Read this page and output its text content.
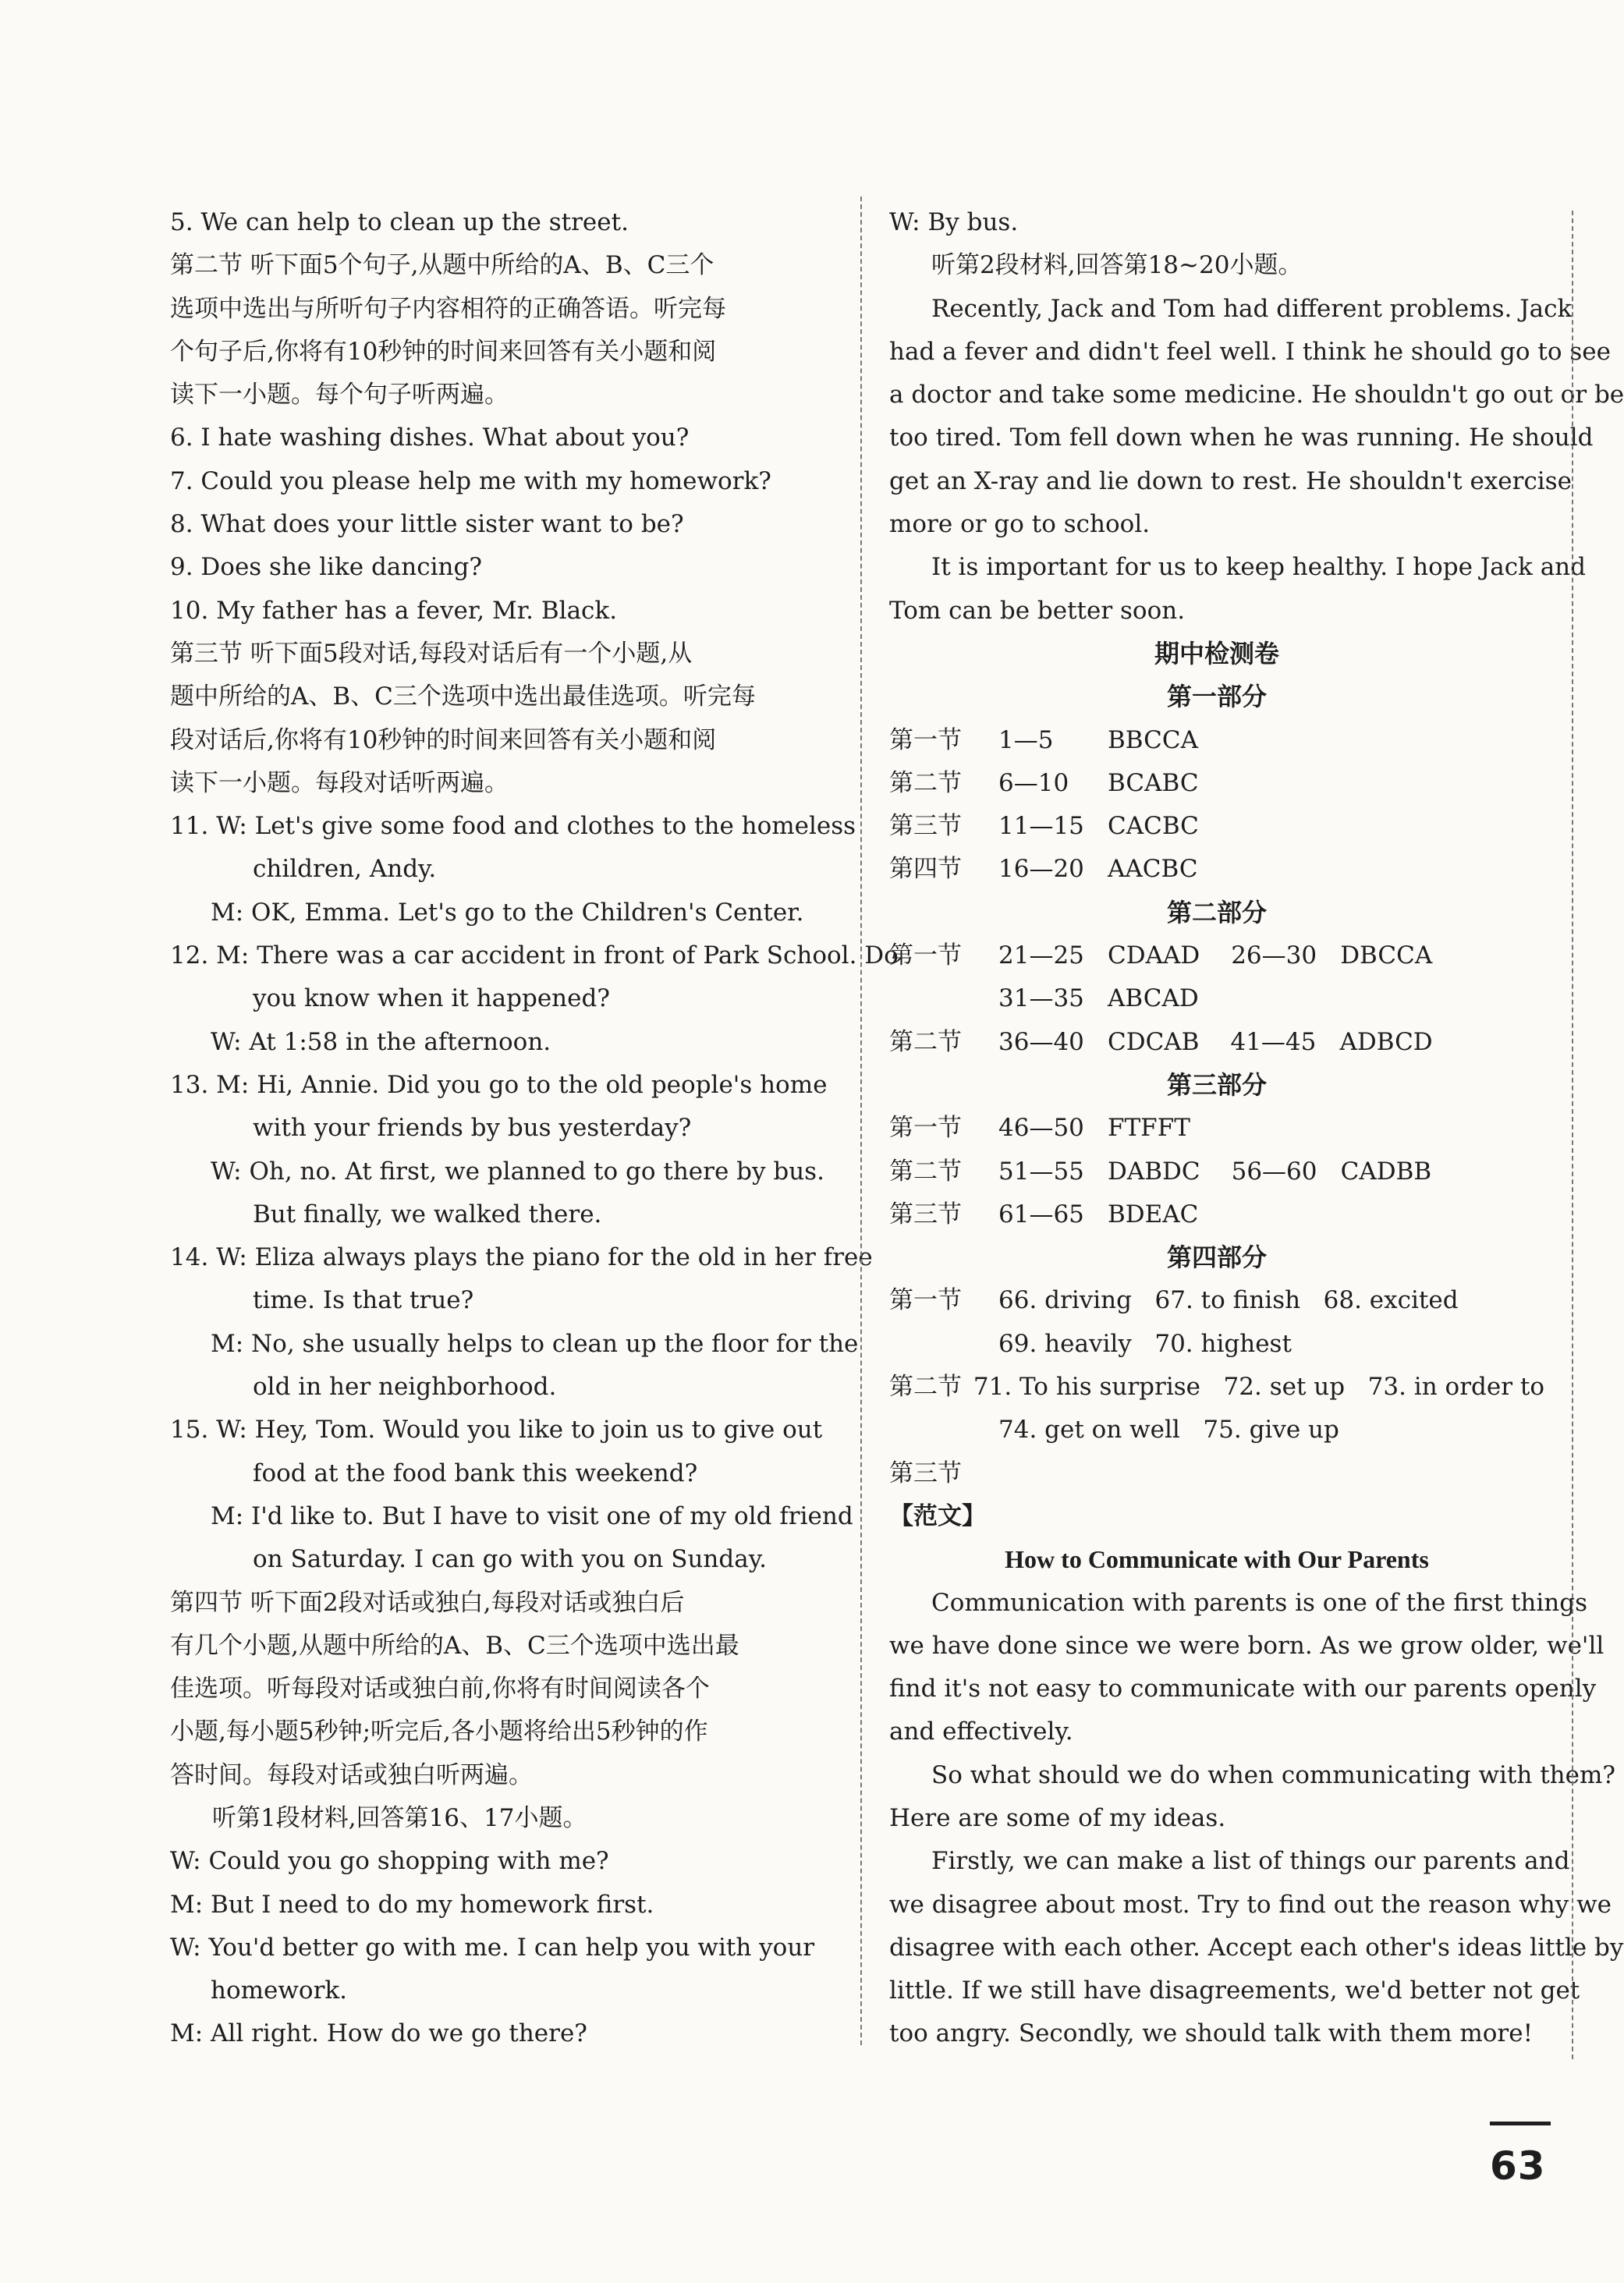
5. We can help to clean up the street.
第二节 听下面5个句子,从题中所给的A、B、C三个
选项中选出与所听句子内容相符的正确答语。听完每
个句子后,你将有10秒钟的时间来回答有关小题和阅
读下一小题。每个句子听两遍。
6. I hate washing dishes. What about you?
7. Could you please help me with my homework?
8. What does your little sister want to be?
9. Does she like dancing?
10. My father has a fever, Mr. Black.
第三节 听下面5段对话,每段对话后有一个小题,从
题中所给的A、B、C三个选项中选出最佳选项。听完每
段对话后,你将有10秒钟的时间来回答有关小题和阅
读下一小题。每段对话听两遍。
11. W: Let's give some food and clothes to the homeless
children, Andy.
M: OK, Emma. Let's go to the Children's Center.
12. M: There was a car accident in front of Park School. Do
you know when it happened?
W: At 1:58 in the afternoon.
13. M: Hi, Annie. Did you go to the old people's home
with your friends by bus yesterday?
W: Oh, no. At first, we planned to go there by bus.
But finally, we walked there.
14. W: Eliza always plays the piano for the old in her free
time. Is that true?
M: No, she usually helps to clean up the floor for the
old in her neighborhood.
15. W: Hey, Tom. Would you like to join us to give out
food at the food bank this weekend?
M: I'd like to. But I have to visit one of my old friend
on Saturday. I can go with you on Sunday.
第四节 听下面2段对话或独白,每段对话或独白后
有几个小题,从题中所给的A、B、C三个选项中选出最
佳选项。听每段对话或独白前,你将有时间阅读各个
小题,每小题5秒钟;听完后,各小题将给出5秒钟的作
答时间。每段对话或独白听两遍。
听第1段材料,回答第16、17小题。
W: Could you go shopping with me?
M: But I need to do my homework first.
W: You'd better go with me. I can help you with your
homework.
M: All right. How do we go there?
W: By bus.
听第2段材料,回答第18~20小题。
Recently, Jack and Tom had different problems. Jack
had a fever and didn't feel well. I think he should go to see
a doctor and take some medicine. He shouldn't go out or be
too tired. Tom fell down when he was running. He should
get an X-ray and lie down to rest. He shouldn't exercise
more or go to school.
It is important for us to keep healthy. I hope Jack and
Tom can be better soon.
期中检测卷
第一部分
第一节	1—5 BBCCA
第二节	6—10 BCABC
第三节	11—15 CACBC
第四节	16—20 AACBC
第二部分
第一节	21—25 CDAAD 26—30 DBCCA
31—35 ABCAD
第二节	36—40 CDCAB 41—45 ADBCD
第三部分
第一节	46—50 FTFFT
第二节	51—55 DABDC 56—60 CADBB
第三节	61—65 BDEAC
第四部分
第一节	66. driving   67. to finish   68. excited
69. heavily   70. highest
第二节 71. To his surprise   72. set up   73. in order to
74. get on well   75. give up
第三节
【范文】
How to Communicate with Our Parents
Communication with parents is one of the first things
we have done since we were born. As we grow older, we'll
find it's not easy to communicate with our parents openly
and effectively.
So what should we do when communicating with them?
Here are some of my ideas.
Firstly, we can make a list of things our parents and
we disagree about most. Try to find out the reason why we
disagree with each other. Accept each other's ideas little by
little. If we still have disagreements, we'd better not get
too angry. Secondly, we should talk with them more!
63
